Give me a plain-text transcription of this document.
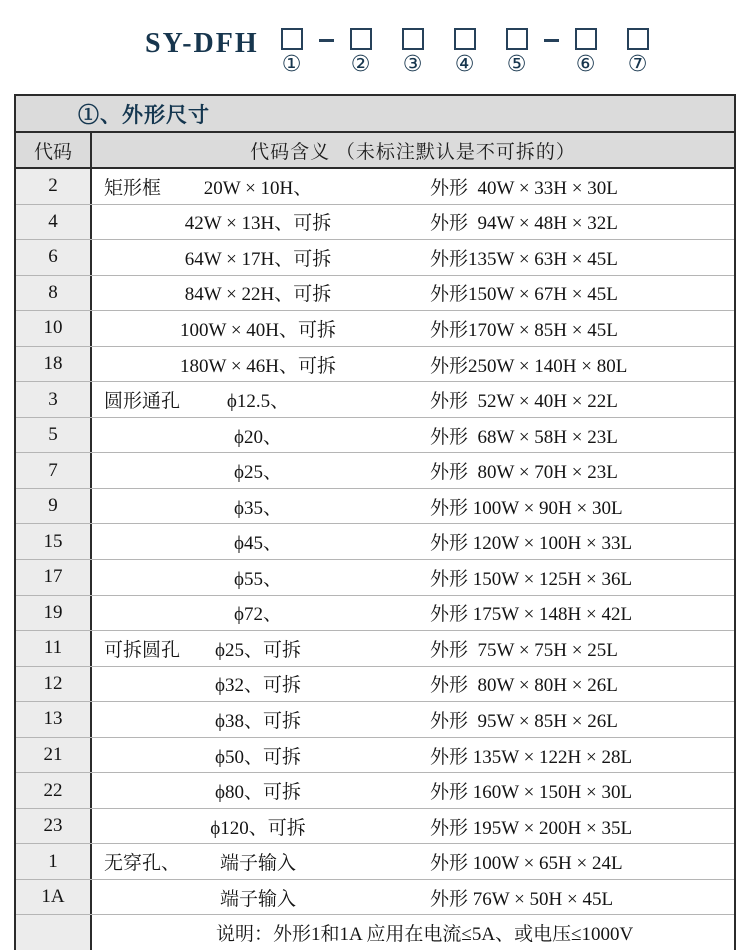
SY-DFH
① ② ③ ④ ⑤ ⑥ ⑦
①、外形尺寸
代码	代码含义 （未标注默认是不可拆的）
2	矩形框 20W × 10H、	外形  40W × 33H × 30L
4	42W × 13H、可拆	外形  94W × 48H × 32L
6	64W × 17H、可拆	外形135W × 63H × 45L
8	84W × 22H、可拆	外形150W × 67H × 45L
10	100W × 40H、可拆	外形170W × 85H × 45L
18	180W × 46H、可拆	外形250W × 140H × 80L
3	圆形通孔 ϕ12.5、	外形  52W × 40H × 22L
5	ϕ20、	外形  68W × 58H × 23L
7	ϕ25、	外形  80W × 70H × 23L
9	ϕ35、	外形 100W × 90H × 30L
15	ϕ45、	外形 120W × 100H × 33L
17	ϕ55、	外形 150W × 125H × 36L
19	ϕ72、	外形 175W × 148H × 42L
11	可拆圆孔 ϕ25、可拆	外形  75W × 75H × 25L
12	ϕ32、可拆	外形  80W × 80H × 26L
13	ϕ38、可拆	外形  95W × 85H × 26L
21	ϕ50、可拆	外形 135W × 122H × 28L
22	ϕ80、可拆	外形 160W × 150H × 30L
23	ϕ120、可拆	外形 195W × 200H × 35L
1	无穿孔、 端子输入	外形 100W × 65H × 24L
1A	端子输入	外形 76W × 50H × 45L
说明：外形1和1A 应用在电流≤5A、或电压≤1000V
